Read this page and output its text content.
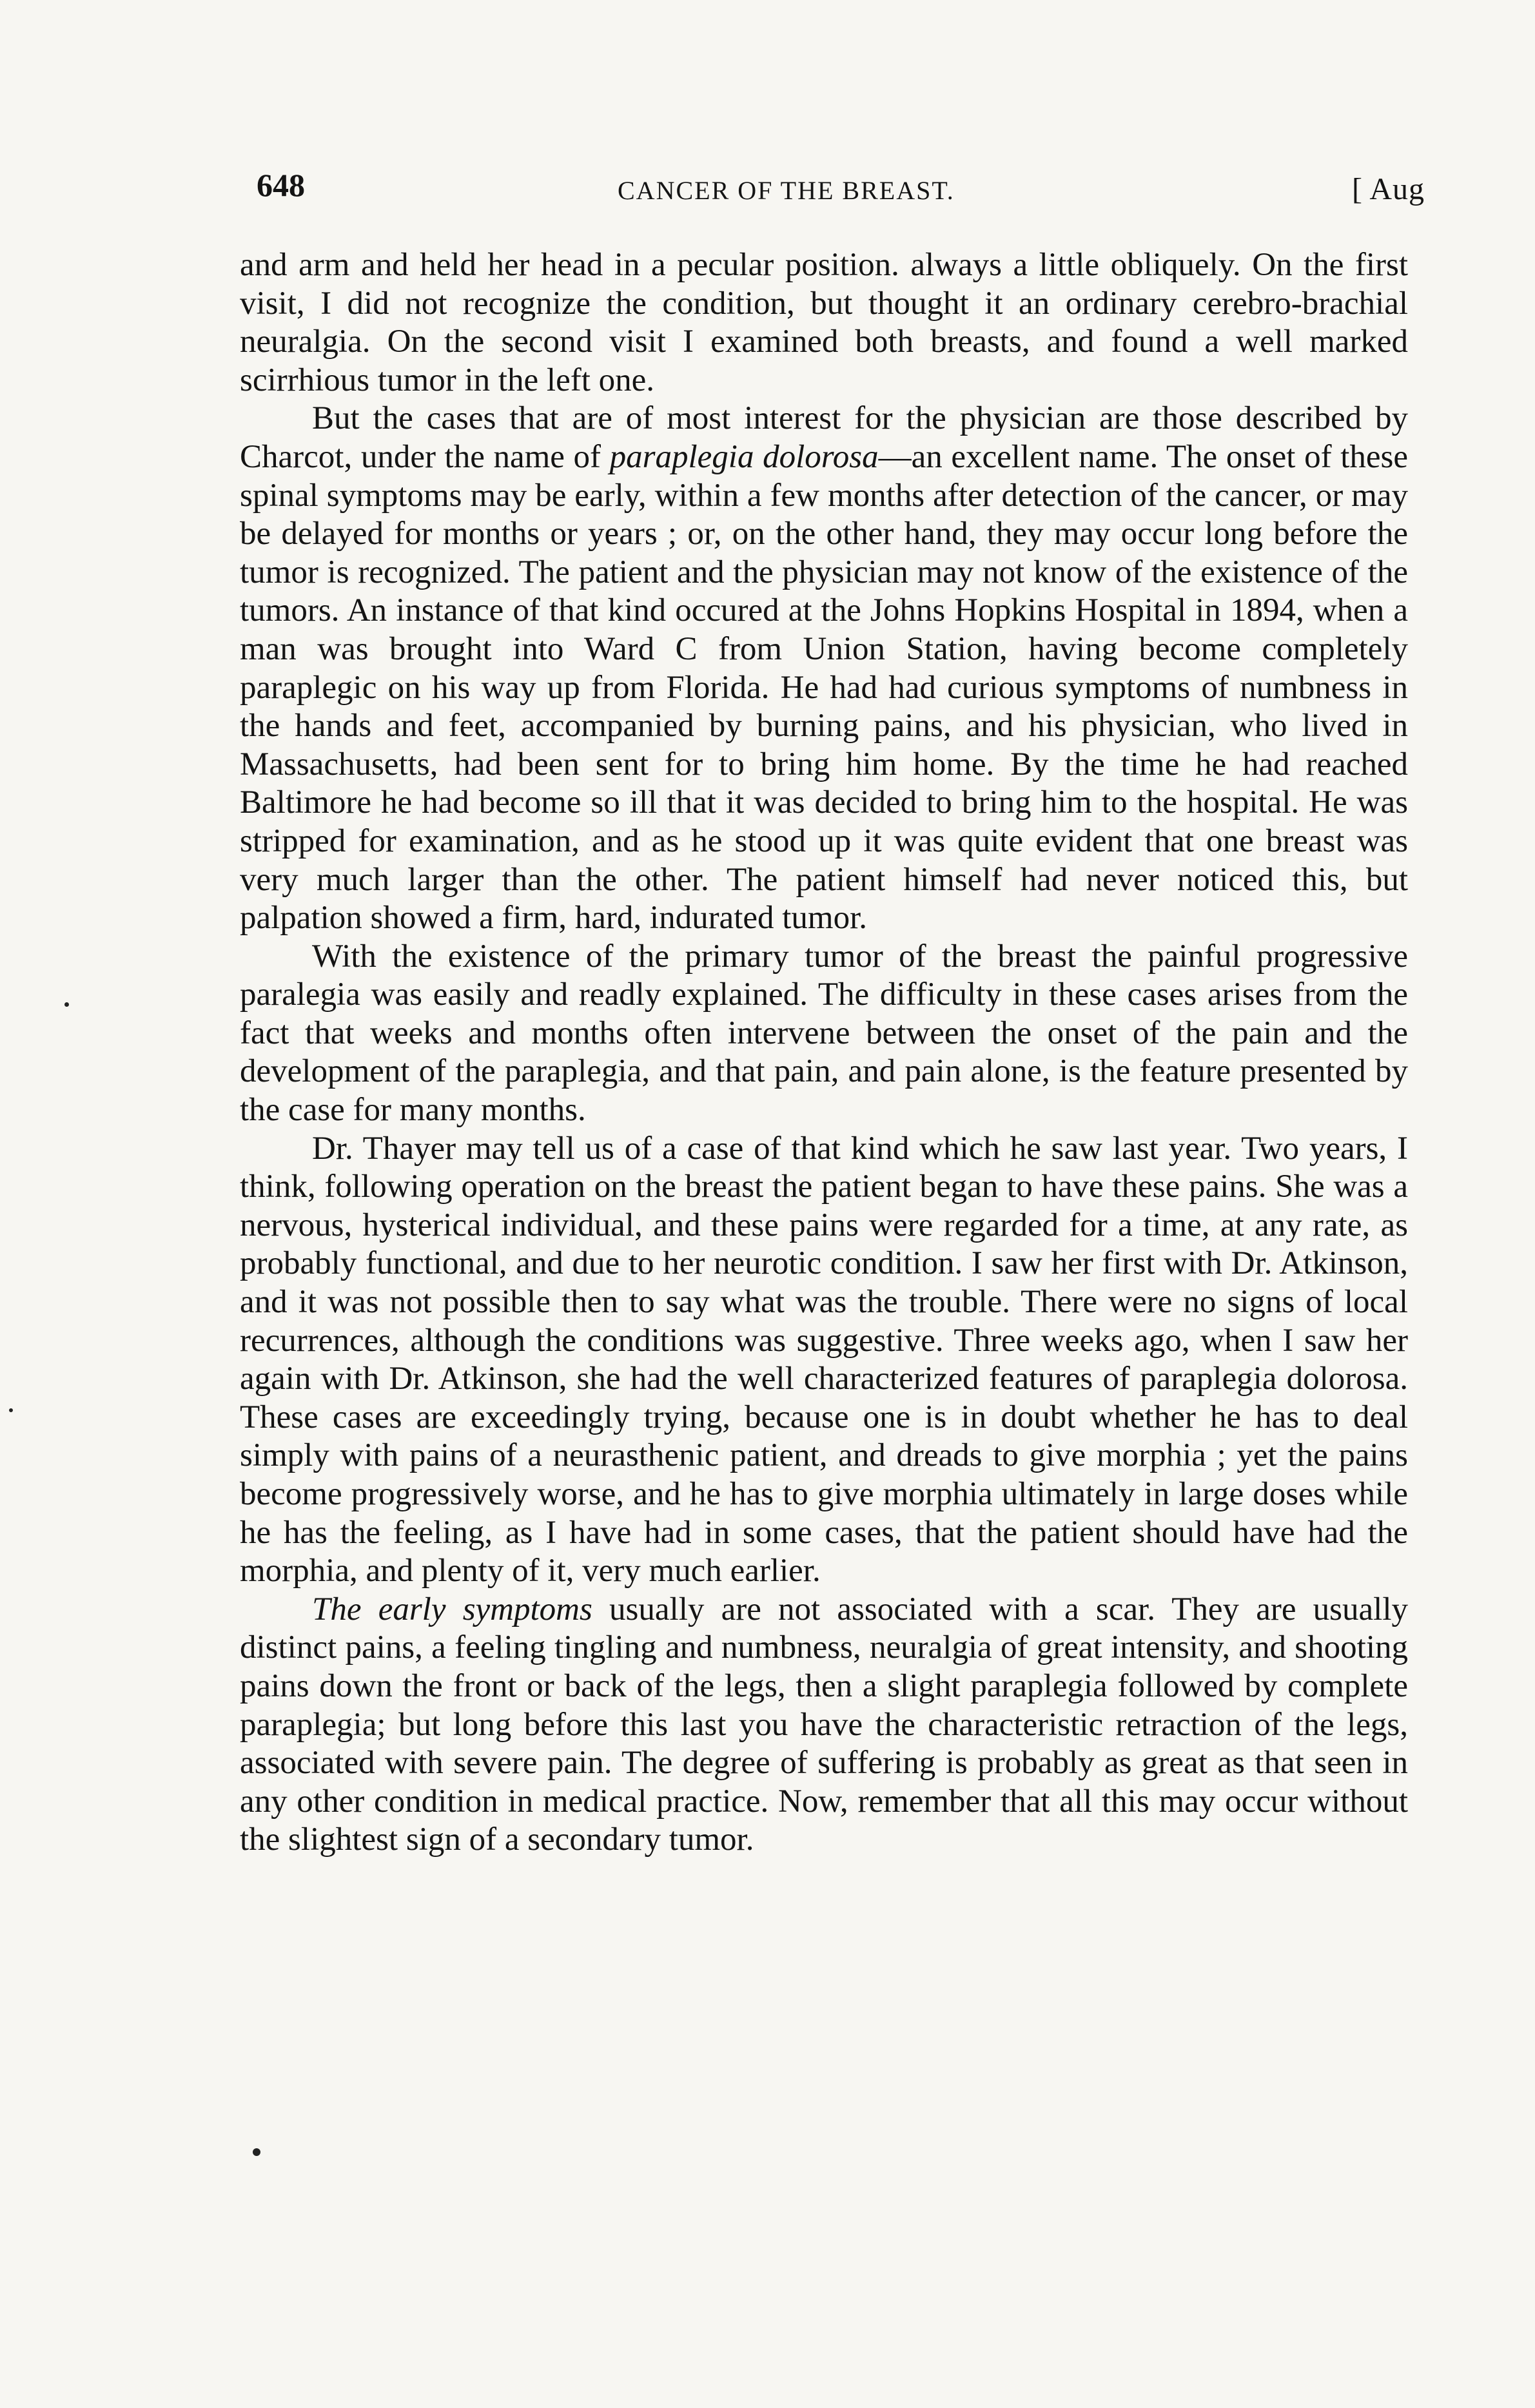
648	CANCER OF THE BREAST.	[ Aug

and arm and held her head in a pecular position. always a little obliquely. On the first visit, I did not recognize the condition, but thought it an ordinary cerebro-brachial neuralgia. On the second visit I examined both breasts, and found a well marked scirrhious tumor in the left one.

But the cases that are of most interest for the physician are those described by Charcot, under the name of paraplegia dolorosa—an excellent name. The onset of these spinal symptoms may be early, within a few months after detection of the cancer, or may be delayed for months or years ; or, on the other hand, they may occur long before the tumor is recognized. The patient and the physician may not know of the existence of the tumors. An instance of that kind occured at the Johns Hopkins Hospital in 1894, when a man was brought into Ward C from Union Station, having become completely paraplegic on his way up from Florida. He had had curious symptoms of numbness in the hands and feet, accompanied by burning pains, and his physician, who lived in Massachusetts, had been sent for to bring him home. By the time he had reached Baltimore he had become so ill that it was decided to bring him to the hospital. He was stripped for examination, and as he stood up it was quite evident that one breast was very much larger than the other. The patient himself had never noticed this, but palpation showed a firm, hard, indurated tumor.

With the existence of the primary tumor of the breast the painful progressive paralegia was easily and readly explained. The difficulty in these cases arises from the fact that weeks and months often intervene between the onset of the pain and the development of the paraplegia, and that pain, and pain alone, is the feature presented by the case for many months.

Dr. Thayer may tell us of a case of that kind which he saw last year. Two years, I think, following operation on the breast the patient began to have these pains. She was a nervous, hysterical individual, and these pains were regarded for a time, at any rate, as probably functional, and due to her neurotic condition. I saw her first with Dr. Atkinson, and it was not possible then to say what was the trouble. There were no signs of local recurrences, although the conditions was suggestive. Three weeks ago, when I saw her again with Dr. Atkinson, she had the well characterized features of paraplegia dolorosa. These cases are exceedingly trying, because one is in doubt whether he has to deal simply with pains of a neurasthenic patient, and dreads to give morphia ; yet the pains become progressively worse, and he has to give morphia ultimately in large doses while he has the feeling, as I have had in some cases, that the patient should have had the morphia, and plenty of it, very much earlier.

The early symptoms usually are not associated with a scar. They are usually distinct pains, a feeling tingling and numbness, neuralgia of great intensity, and shooting pains down the front or back of the legs, then a slight paraplegia followed by complete paraplegia; but long before this last you have the characteristic retraction of the legs, associated with severe pain. The degree of suffering is probably as great as that seen in any other condition in medical practice. Now, remember that all this may occur without the slightest sign of a secondary tumor.
